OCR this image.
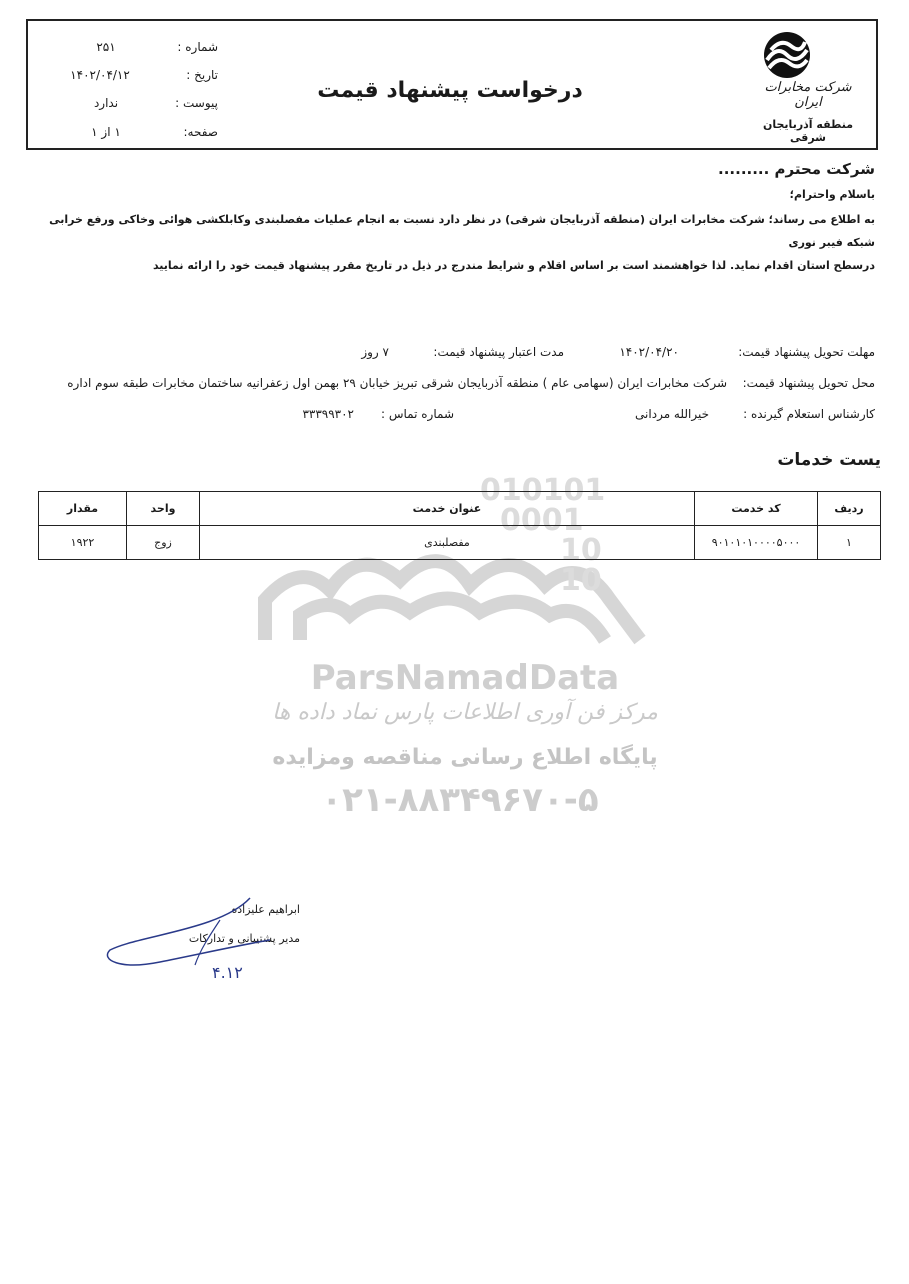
010101
0001
10
10
ParsNamadData
مرکز فن آوری اطلاعات پارس نماد داده ها
پایگاه اطلاع رسانی مناقصه ومزایده
۰۲۱-۸۸۳۴۹۶۷۰-۵
شرکت مخابرات ایران
منطقه آذربایجان شرقی
درخواست پیشنهاد قیمت
شماره :
۲۵۱
تاریخ :
۱۴۰۲/۰۴/۱۲
پیوست :
ندارد
صفحه:
۱ از ۱
شرکت محترم .........
باسلام واحترام؛
به اطلاع می رساند؛ شرکت مخابرات ایران (منطقه آذربایجان شرقی) در نظر دارد نسبت به انجام عملیات مفصلبندی وکابلکشی هوائی وخاکی ورفع خرابی شبکه فیبر نوری
درسطح استان اقدام نماید. لذا خواهشمند است بر اساس اقلام و شرایط مندرج در ذیل در تاریخ مقرر پیشنهاد قیمت خود را ارائه نمایید
مهلت تحویل پیشنهاد قیمت:
۱۴۰۲/۰۴/۲۰
مدت اعتبار پیشنهاد قیمت:
۷ روز
محل تحویل پیشنهاد قیمت:
شرکت مخابرات ایران (سهامی عام ) منطقه آذربایجان شرقی تبریز خیابان ۲۹ بهمن اول زعفرانیه ساختمان مخابرات طبقه سوم اداره
کارشناس استعلام گیرنده :
خیرالله مردانی
شماره تماس :
۳۳۳۹۹۳۰۲
یست خدمات
ردیف	کد خدمت	عنوان خدمت	واحد	مقدار
۱	۹۰۱۰۱۰۱۰۰۰۰۵۰۰۰	مفصلبندی	زوج	۱۹۲۲
ابراهیم علیزاده
مدیر پشتیبانی و تدارکات
۴.۱۲
